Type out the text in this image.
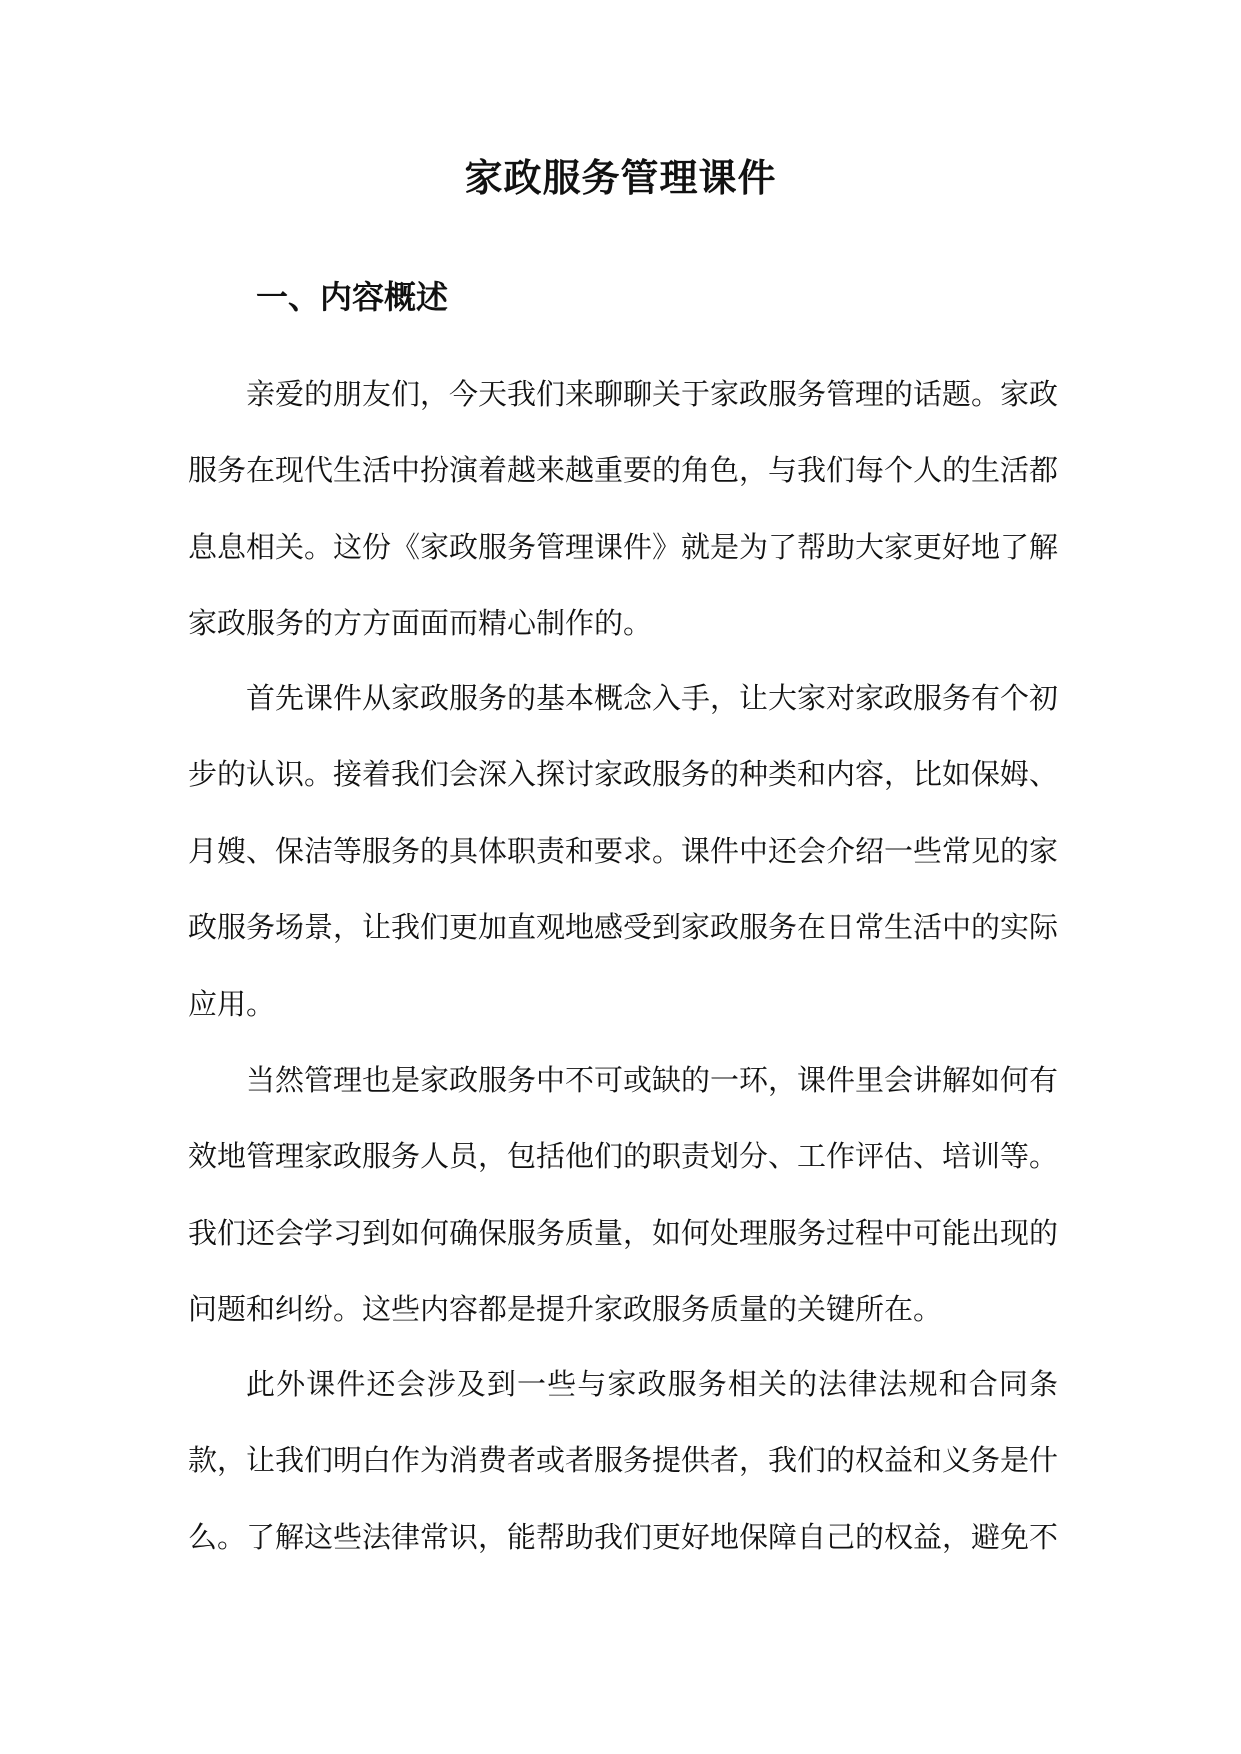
家政服务管理课件
一、内容概述

亲爱的朋友们，今天我们来聊聊关于家政服务管理的话题。家政服务在现代生活中扮演着越来越重要的角色，与我们每个人的生活都息息相关。这份《家政服务管理课件》就是为了帮助大家更好地了解家政服务的方方面面而精心制作的。

首先课件从家政服务的基本概念入手，让大家对家政服务有个初步的认识。接着我们会深入探讨家政服务的种类和内容，比如保姆、月嫂、保洁等服务的具体职责和要求。课件中还会介绍一些常见的家政服务场景，让我们更加直观地感受到家政服务在日常生活中的实际应用。

当然管理也是家政服务中不可或缺的一环，课件里会讲解如何有效地管理家政服务人员，包括他们的职责划分、工作评估、培训等。我们还会学习到如何确保服务质量，如何处理服务过程中可能出现的问题和纠纷。这些内容都是提升家政服务质量的关键所在。

此外课件还会涉及到一些与家政服务相关的法律法规和合同条款，让我们明白作为消费者或者服务提供者，我们的权益和义务是什么。了解这些法律常识，能帮助我们更好地保障自己的权益，避免不
